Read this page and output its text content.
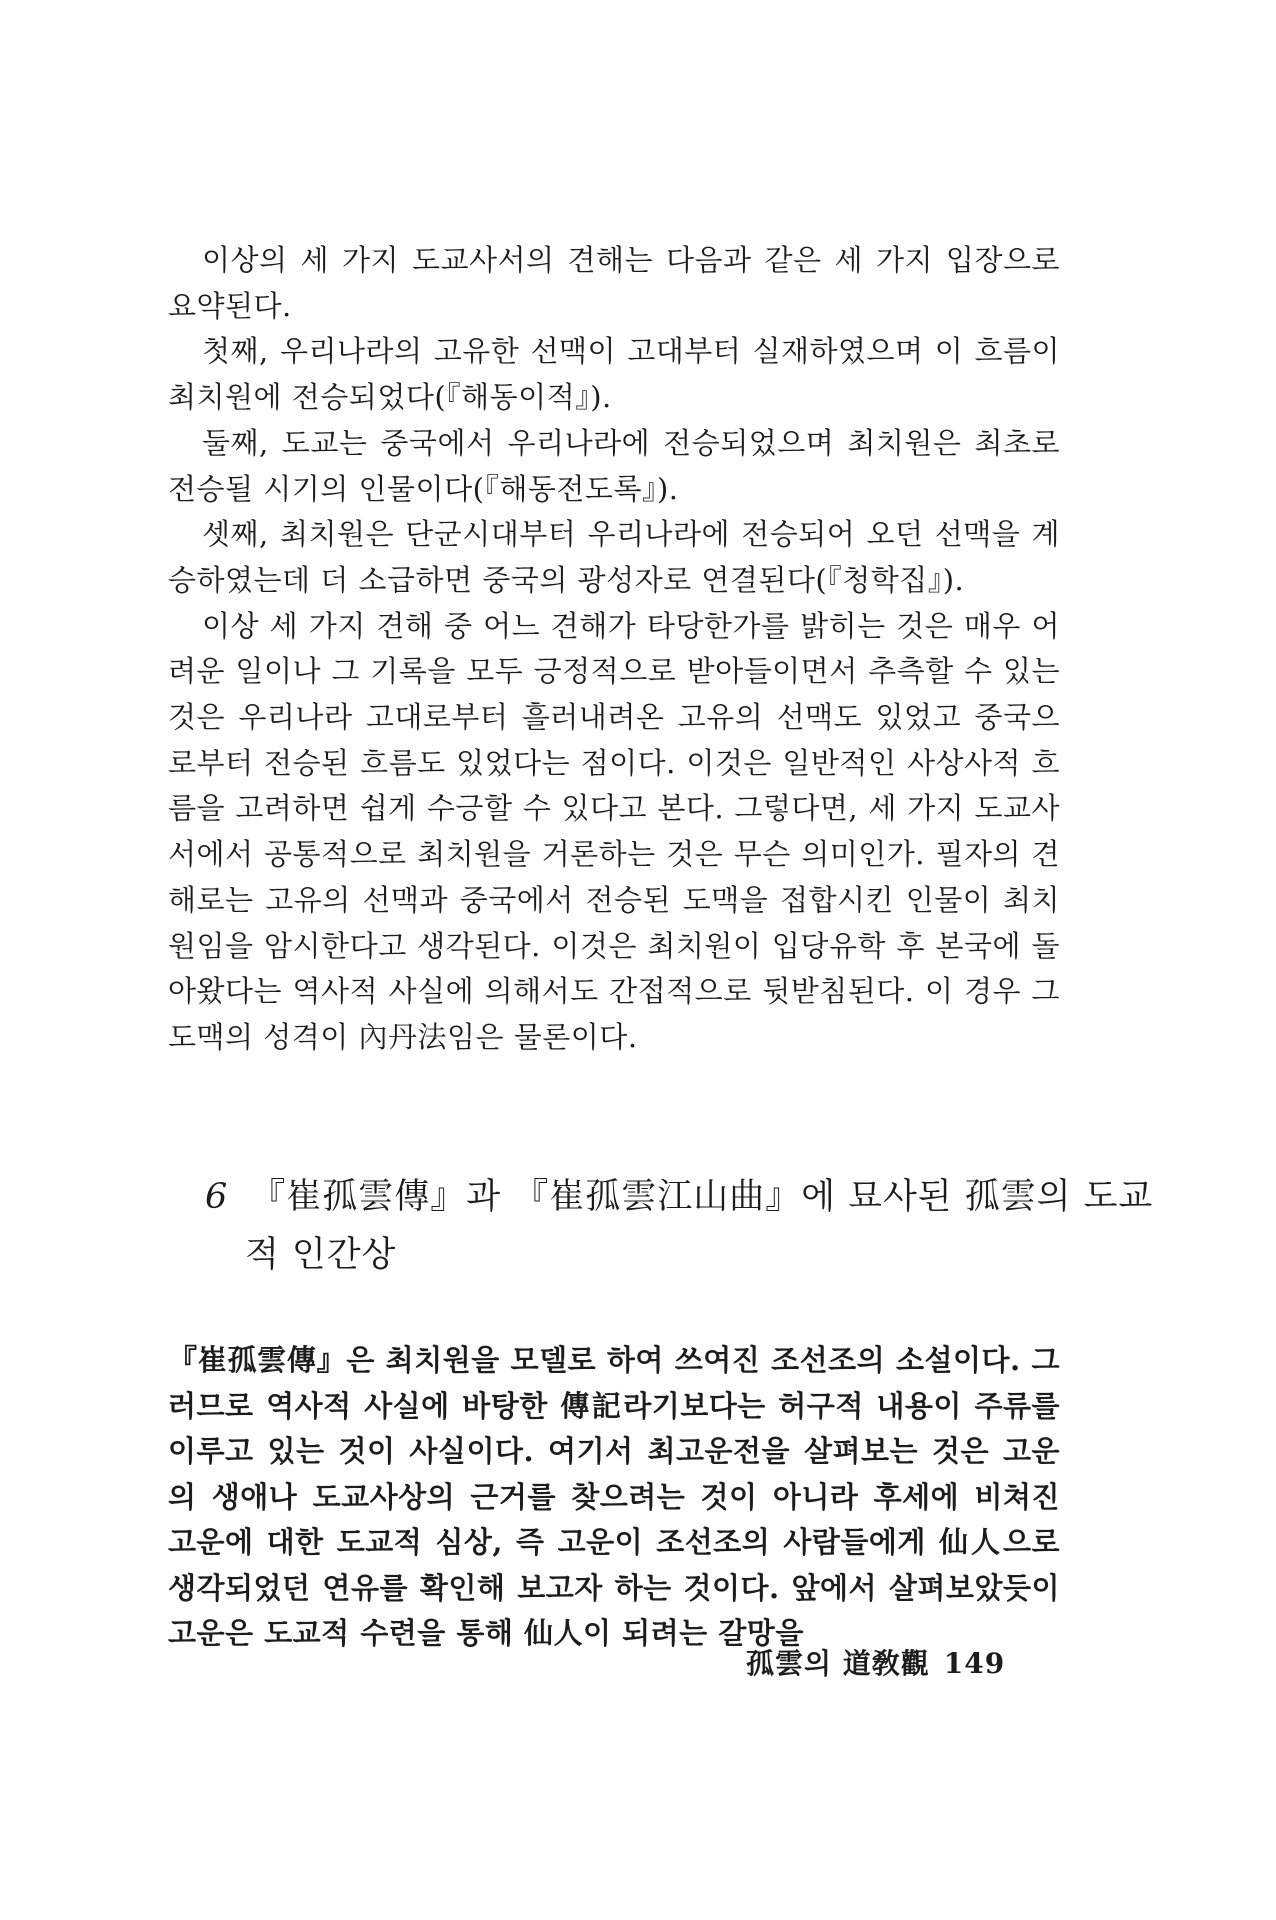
이상의 세 가지 도교사서의 견해는 다음과 같은 세 가지 입장으로 요약된다.

첫째, 우리나라의 고유한 선맥이 고대부터 실재하였으며 이 흐름이 최치원에 전승되었다(『해동이적』).

둘째, 도교는 중국에서 우리나라에 전승되었으며 최치원은 최초로 전승될 시기의 인물이다(『해동전도록』).

셋째, 최치원은 단군시대부터 우리나라에 전승되어 오던 선맥을 계승하였는데 더 소급하면 중국의 광성자로 연결된다(『청학집』).

이상 세 가지 견해 중 어느 견해가 타당한가를 밝히는 것은 매우 어려운 일이나 그 기록을 모두 긍정적으로 받아들이면서 추측할 수 있는 것은 우리나라 고대로부터 흘러내려온 고유의 선맥도 있었고 중국으로부터 전승된 흐름도 있었다는 점이다. 이것은 일반적인 사상사적 흐름을 고려하면 쉽게 수긍할 수 있다고 본다. 그렇다면, 세 가지 도교사서에서 공통적으로 최치원을 거론하는 것은 무슨 의미인가. 필자의 견해로는 고유의 선맥과 중국에서 전승된 도맥을 접합시킨 인물이 최치원임을 암시한다고 생각된다. 이것은 최치원이 입당유학 후 본국에 돌아왔다는 역사적 사실에 의해서도 간접적으로 뒷받침된다. 이 경우 그 도맥의 성격이 內丹法임은 물론이다.

6 『崔孤雲傳』과 『崔孤雲江山曲』에 묘사된 孤雲의 도교
적 인간상

『崔孤雲傳』은 최치원을 모델로 하여 쓰여진 조선조의 소설이다. 그러므로 역사적 사실에 바탕한 傳記라기보다는 허구적 내용이 주류를 이루고 있는 것이 사실이다. 여기서 최고운전을 살펴보는 것은 고운의 생애나 도교사상의 근거를 찾으려는 것이 아니라 후세에 비쳐진 고운에 대한 도교적 심상, 즉 고운이 조선조의 사람들에게 仙人으로 생각되었던 연유를 확인해 보고자 하는 것이다. 앞에서 살펴보았듯이 고운은 도교적 수련을 통해 仙人이 되려는 갈망을

孤雲의 道敎觀 149
